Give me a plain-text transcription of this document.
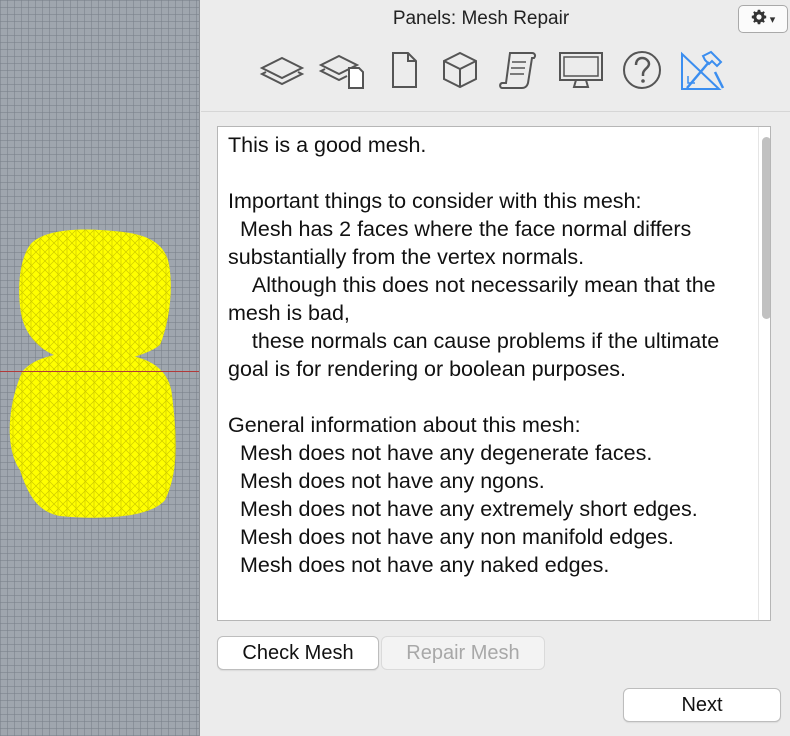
Panels: Mesh Repair	▾
This is a good mesh.

Important things to consider with this mesh:
Mesh has 2 faces where the face normal differs substantially from the vertex normals.
Although this does not necessarily mean that the mesh is bad,
these normals can cause problems if the ultimate goal is for rendering or boolean purposes.

General information about this mesh:
Mesh does not have any degenerate faces.
Mesh does not have any ngons.
Mesh does not have any extremely short edges.
Mesh does not have any non manifold edges.
Mesh does not have any naked edges.
Check Mesh	Repair Mesh
Next
